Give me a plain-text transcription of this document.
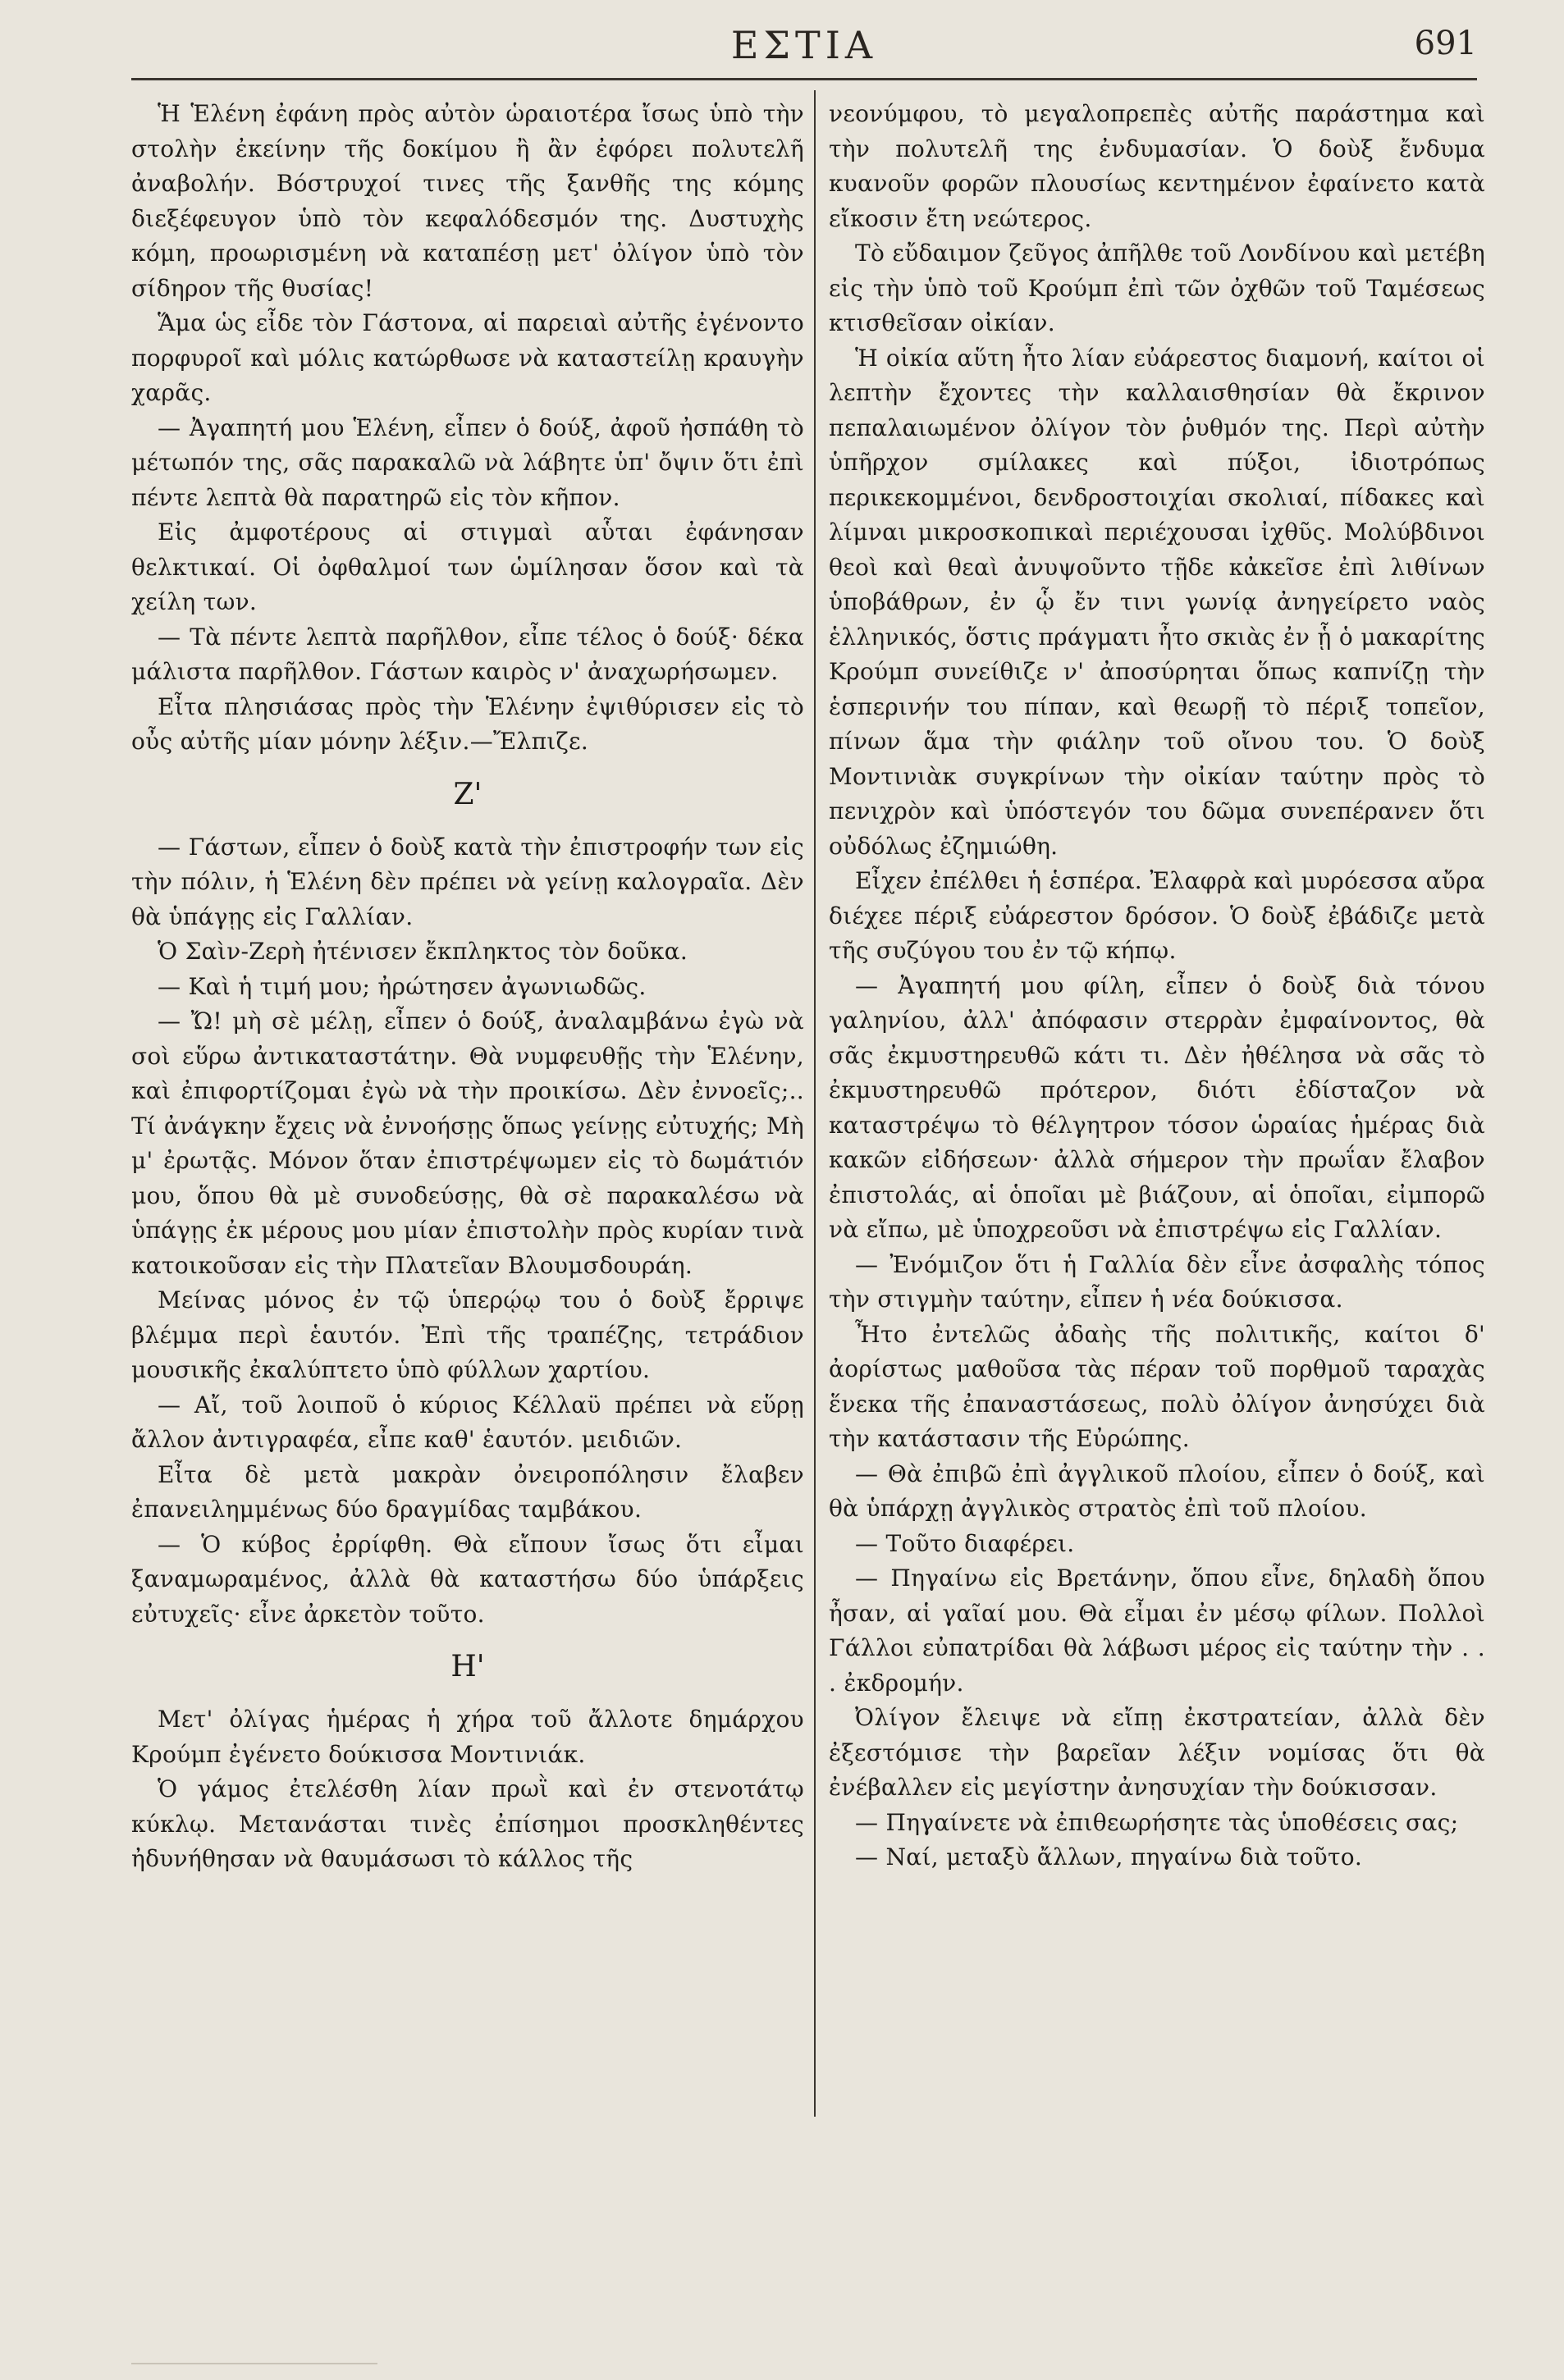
ΕΣΤΙΑ	691

Ἡ Ἑλένη ἐφάνη πρὸς αὐτὸν ὡραιοτέρα ἴσως ὑπὸ τὴν στολὴν ἐκείνην τῆς δοκίμου ἢ ἂν ἐφόρει πολυτελῆ ἀναβολήν. Βόστρυχοί τινες τῆς ξανθῆς της κόμης διεξέφευγον ὑπὸ τὸν κεφαλόδεσμόν της. Δυστυχὴς κόμη, προωρισμένη νὰ καταπέσῃ μετ' ὀλίγον ὑπὸ τὸν σίδηρον τῆς θυσίας!

Ἅμα ὡς εἶδε τὸν Γάστονα, αἱ παρειαὶ αὐτῆς ἐγένοντο πορφυροῖ καὶ μόλις κατώρθωσε νὰ καταστείλῃ κραυγὴν χαρᾶς.

— Ἀγαπητή μου Ἑλένη, εἶπεν ὁ δούξ, ἀφοῦ ἠσπάθη τὸ μέτωπόν της, σᾶς παρακαλῶ νὰ λάβητε ὑπ' ὄψιν ὅτι ἐπὶ πέντε λεπτὰ θὰ παρατηρῶ εἰς τὸν κῆπον.

Εἰς ἀμφοτέρους αἱ στιγμαὶ αὗται ἐφάνησαν θελκτικαί. Οἱ ὀφθαλμοί των ὡμίλησαν ὅσον καὶ τὰ χείλη των.

— Τὰ πέντε λεπτὰ παρῆλθον, εἶπε τέλος ὁ δούξ· δέκα μάλιστα παρῆλθον. Γάστων καιρὸς ν' ἀναχωρήσωμεν.

Εἶτα πλησιάσας πρὸς τὴν Ἑλένην ἐψιθύρισεν εἰς τὸ οὖς αὐτῆς μίαν μόνην λέξιν.—Ἔλπιζε.

Ζ'

— Γάστων, εἶπεν ὁ δοὺξ κατὰ τὴν ἐπιστροφήν των εἰς τὴν πόλιν, ἡ Ἑλένη δὲν πρέπει νὰ γείνῃ καλογραῖα. Δὲν θὰ ὑπάγῃς εἰς Γαλλίαν.

Ὁ Σαὶν-Ζερὴ ἠτένισεν ἔκπληκτος τὸν δοῦκα.

— Καὶ ἡ τιμή μου; ἠρώτησεν ἀγωνιωδῶς.

— Ὤ! μὴ σὲ μέλῃ, εἶπεν ὁ δούξ, ἀναλαμβάνω ἐγὼ νὰ σοὶ εὕρω ἀντικαταστάτην. Θὰ νυμφευθῇς τὴν Ἑλένην, καὶ ἐπιφορτίζομαι ἐγὼ νὰ τὴν προικίσω. Δὲν ἐννοεῖς;.. Τί ἀνάγκην ἔχεις νὰ ἐννοήσῃς ὅπως γείνῃς εὐτυχής; Μὴ μ' ἐρωτᾷς. Μόνον ὅταν ἐπιστρέψωμεν εἰς τὸ δωμάτιόν μου, ὅπου θὰ μὲ συνοδεύσῃς, θὰ σὲ παρακαλέσω νὰ ὑπάγῃς ἐκ μέρους μου μίαν ἐπιστολὴν πρὸς κυρίαν τινὰ κατοικοῦσαν εἰς τὴν Πλατεῖαν Βλουμσδουράη.

Μείνας μόνος ἐν τῷ ὑπερῴῳ του ὁ δοὺξ ἔρριψε βλέμμα περὶ ἑαυτόν. Ἐπὶ τῆς τραπέζης, τετράδιον μουσικῆς ἐκαλύπτετο ὑπὸ φύλλων χαρτίου.

— Αἴ, τοῦ λοιποῦ ὁ κύριος Κέλλαϋ πρέπει νὰ εὕρῃ ἄλλον ἀντιγραφέα, εἶπε καθ' ἑαυτόν. μειδιῶν.

Εἶτα δὲ μετὰ μακρὰν ὀνειροπόλησιν ἔλαβεν ἐπανειλημμένως δύο δραγμίδας ταμβάκου.

— Ὁ κύβος ἐρρίφθη. Θὰ εἴπουν ἴσως ὅτι εἶμαι ξαναμωραμένος, ἀλλὰ θὰ καταστήσω δύο ὑπάρξεις εὐτυχεῖς· εἶνε ἀρκετὸν τοῦτο.

Η'

Μετ' ὀλίγας ἡμέρας ἡ χήρα τοῦ ἄλλοτε δημάρχου Κρούμπ ἐγένετο δούκισσα Μοντινιάκ.

Ὁ γάμος ἐτελέσθη λίαν πρωῒ καὶ ἐν στενοτάτῳ κύκλῳ. Μετανάσται τινὲς ἐπίσημοι προσκληθέντες ἠδυνήθησαν νὰ θαυμάσωσι τὸ κάλλος τῆς

νεονύμφου, τὸ μεγαλοπρεπὲς αὐτῆς παράστημα καὶ τὴν πολυτελῆ της ἐνδυμασίαν. Ὁ δοὺξ ἔνδυμα κυανοῦν φορῶν πλουσίως κεντημένον ἐφαίνετο κατὰ εἴκοσιν ἔτη νεώτερος.

Τὸ εὔδαιμον ζεῦγος ἀπῆλθε τοῦ Λονδίνου καὶ μετέβη εἰς τὴν ὑπὸ τοῦ Κρούμπ ἐπὶ τῶν ὀχθῶν τοῦ Ταμέσεως κτισθεῖσαν οἰκίαν.

Ἡ οἰκία αὕτη ἦτο λίαν εὐάρεστος διαμονή, καίτοι οἱ λεπτὴν ἔχοντες τὴν καλλαισθησίαν θὰ ἔκρινον πεπαλαιωμένον ὀλίγον τὸν ῥυθμόν της. Περὶ αὐτὴν ὑπῆρχον σμίλακες καὶ πύξοι, ἰδιοτρόπως περικεκομμένοι, δενδροστοιχίαι σκολιαί, πίδακες καὶ λίμναι μικροσκοπικαὶ περιέχουσαι ἰχθῦς. Μολύβδινοι θεοὶ καὶ θεαὶ ἀνυψοῦντο τῇδε κἀκεῖσε ἐπὶ λιθίνων ὑποβάθρων, ἐν ᾧ ἔν τινι γωνίᾳ ἀνηγείρετο ναὸς ἑλληνικός, ὅστις πράγματι ἦτο σκιὰς ἐν ᾗ ὁ μακαρίτης Κρούμπ συνείθιζε ν' ἀποσύρηται ὅπως καπνίζῃ τὴν ἑσπερινήν του πίπαν, καὶ θεωρῇ τὸ πέριξ τοπεῖον, πίνων ἅμα τὴν φιάλην τοῦ οἴνου του. Ὁ δοὺξ Μοντινιὰκ συγκρίνων τὴν οἰκίαν ταύτην πρὸς τὸ πενιχρὸν καὶ ὑπόστεγόν του δῶμα συνεπέρανεν ὅτι οὐδόλως ἐζημιώθη.

Εἶχεν ἐπέλθει ἡ ἑσπέρα. Ἐλαφρὰ καὶ μυρόεσσα αὔρα διέχεε πέριξ εὐάρεστον δρόσον. Ὁ δοὺξ ἐβάδιζε μετὰ τῆς συζύγου του ἐν τῷ κήπῳ.

— Ἀγαπητή μου φίλη, εἶπεν ὁ δοὺξ διὰ τόνου γαληνίου, ἀλλ' ἀπόφασιν στερρὰν ἐμφαίνοντος, θὰ σᾶς ἐκμυστηρευθῶ κάτι τι. Δὲν ἠθέλησα νὰ σᾶς τὸ ἐκμυστηρευθῶ πρότερον, διότι ἐδίσταζον νὰ καταστρέψω τὸ θέλγητρον τόσον ὡραίας ἡμέρας διὰ κακῶν εἰδήσεων· ἀλλὰ σήμερον τὴν πρωΐαν ἔλαβον ἐπιστολάς, αἱ ὁποῖαι μὲ βιάζουν, αἱ ὁποῖαι, εἰμπορῶ νὰ εἴπω, μὲ ὑποχρεοῦσι νὰ ἐπιστρέψω εἰς Γαλλίαν.

— Ἐνόμιζον ὅτι ἡ Γαλλία δὲν εἶνε ἀσφαλὴς τόπος τὴν στιγμὴν ταύτην, εἶπεν ἡ νέα δούκισσα.

Ἦτο ἐντελῶς ἀδαὴς τῆς πολιτικῆς, καίτοι δ' ἀορίστως μαθοῦσα τὰς πέραν τοῦ πορθμοῦ ταραχὰς ἕνεκα τῆς ἐπαναστάσεως, πολὺ ὀλίγον ἀνησύχει διὰ τὴν κατάστασιν τῆς Εὐρώπης.

— Θὰ ἐπιβῶ ἐπὶ ἀγγλικοῦ πλοίου, εἶπεν ὁ δούξ, καὶ θὰ ὑπάρχῃ ἀγγλικὸς στρατὸς ἐπὶ τοῦ πλοίου.

— Τοῦτο διαφέρει.

— Πηγαίνω εἰς Βρετάνην, ὅπου εἶνε, δηλαδὴ ὅπου ἦσαν, αἱ γαῖαί μου. Θὰ εἶμαι ἐν μέσῳ φίλων. Πολλοὶ Γάλλοι εὐπατρίδαι θὰ λάβωσι μέρος εἰς ταύτην τὴν . . . ἐκδρομήν.

Ὀλίγον ἔλειψε νὰ εἴπῃ ἐκστρατείαν, ἀλλὰ δὲν ἐξεστόμισε τὴν βαρεῖαν λέξιν νομίσας ὅτι θὰ ἐνέβαλλεν εἰς μεγίστην ἀνησυχίαν τὴν δούκισσαν.

— Πηγαίνετε νὰ ἐπιθεωρήσητε τὰς ὑποθέσεις σας;

— Ναί, μεταξὺ ἄλλων, πηγαίνω διὰ τοῦτο.
